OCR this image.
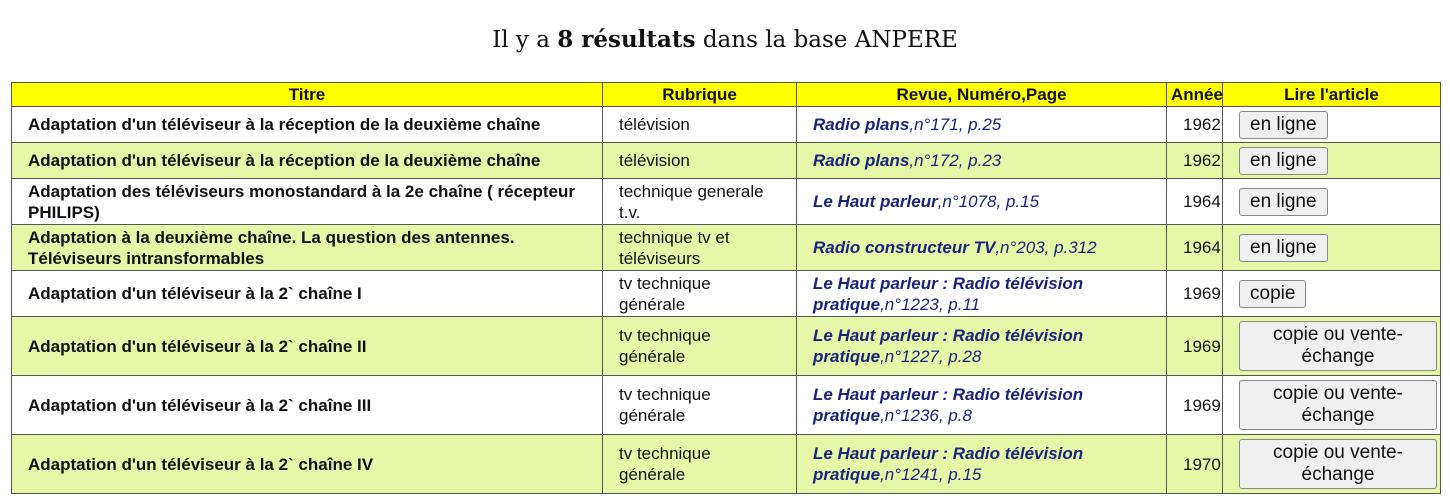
Il y a 8 résultats dans la base ANPERE
Titre	Rubrique	Revue, Numéro,Page	Année	Lire l'article
Adaptation d'un téléviseur à la réception de la deuxième chaîne	télévision	Radio plans,n°171, p.25	1962	en ligne
Adaptation d'un téléviseur à la réception de la deuxième chaîne	télévision	Radio plans,n°172, p.23	1962	en ligne
Adaptation des téléviseurs monostandard à la 2e chaîne ( récepteur PHILIPS)	technique generale t.v.	Le Haut parleur,n°1078, p.15	1964	en ligne
Adaptation à la deuxième chaîne. La question des antennes. Téléviseurs intransformables	technique tv et téléviseurs	Radio constructeur TV,n°203, p.312	1964	en ligne
Adaptation d'un téléviseur à la 2` chaîne I	tv technique générale	Le Haut parleur : Radio télévision pratique,n°1223, p.11	1969	copie
Adaptation d'un téléviseur à la 2` chaîne II	tv technique générale	Le Haut parleur : Radio télévision pratique,n°1227, p.28	1969	copie ou vente-échange
Adaptation d'un téléviseur à la 2` chaîne III	tv technique générale	Le Haut parleur : Radio télévision pratique,n°1236, p.8	1969	copie ou vente-échange
Adaptation d'un téléviseur à la 2` chaîne IV	tv technique générale	Le Haut parleur : Radio télévision pratique,n°1241, p.15	1970	copie ou vente-échange
